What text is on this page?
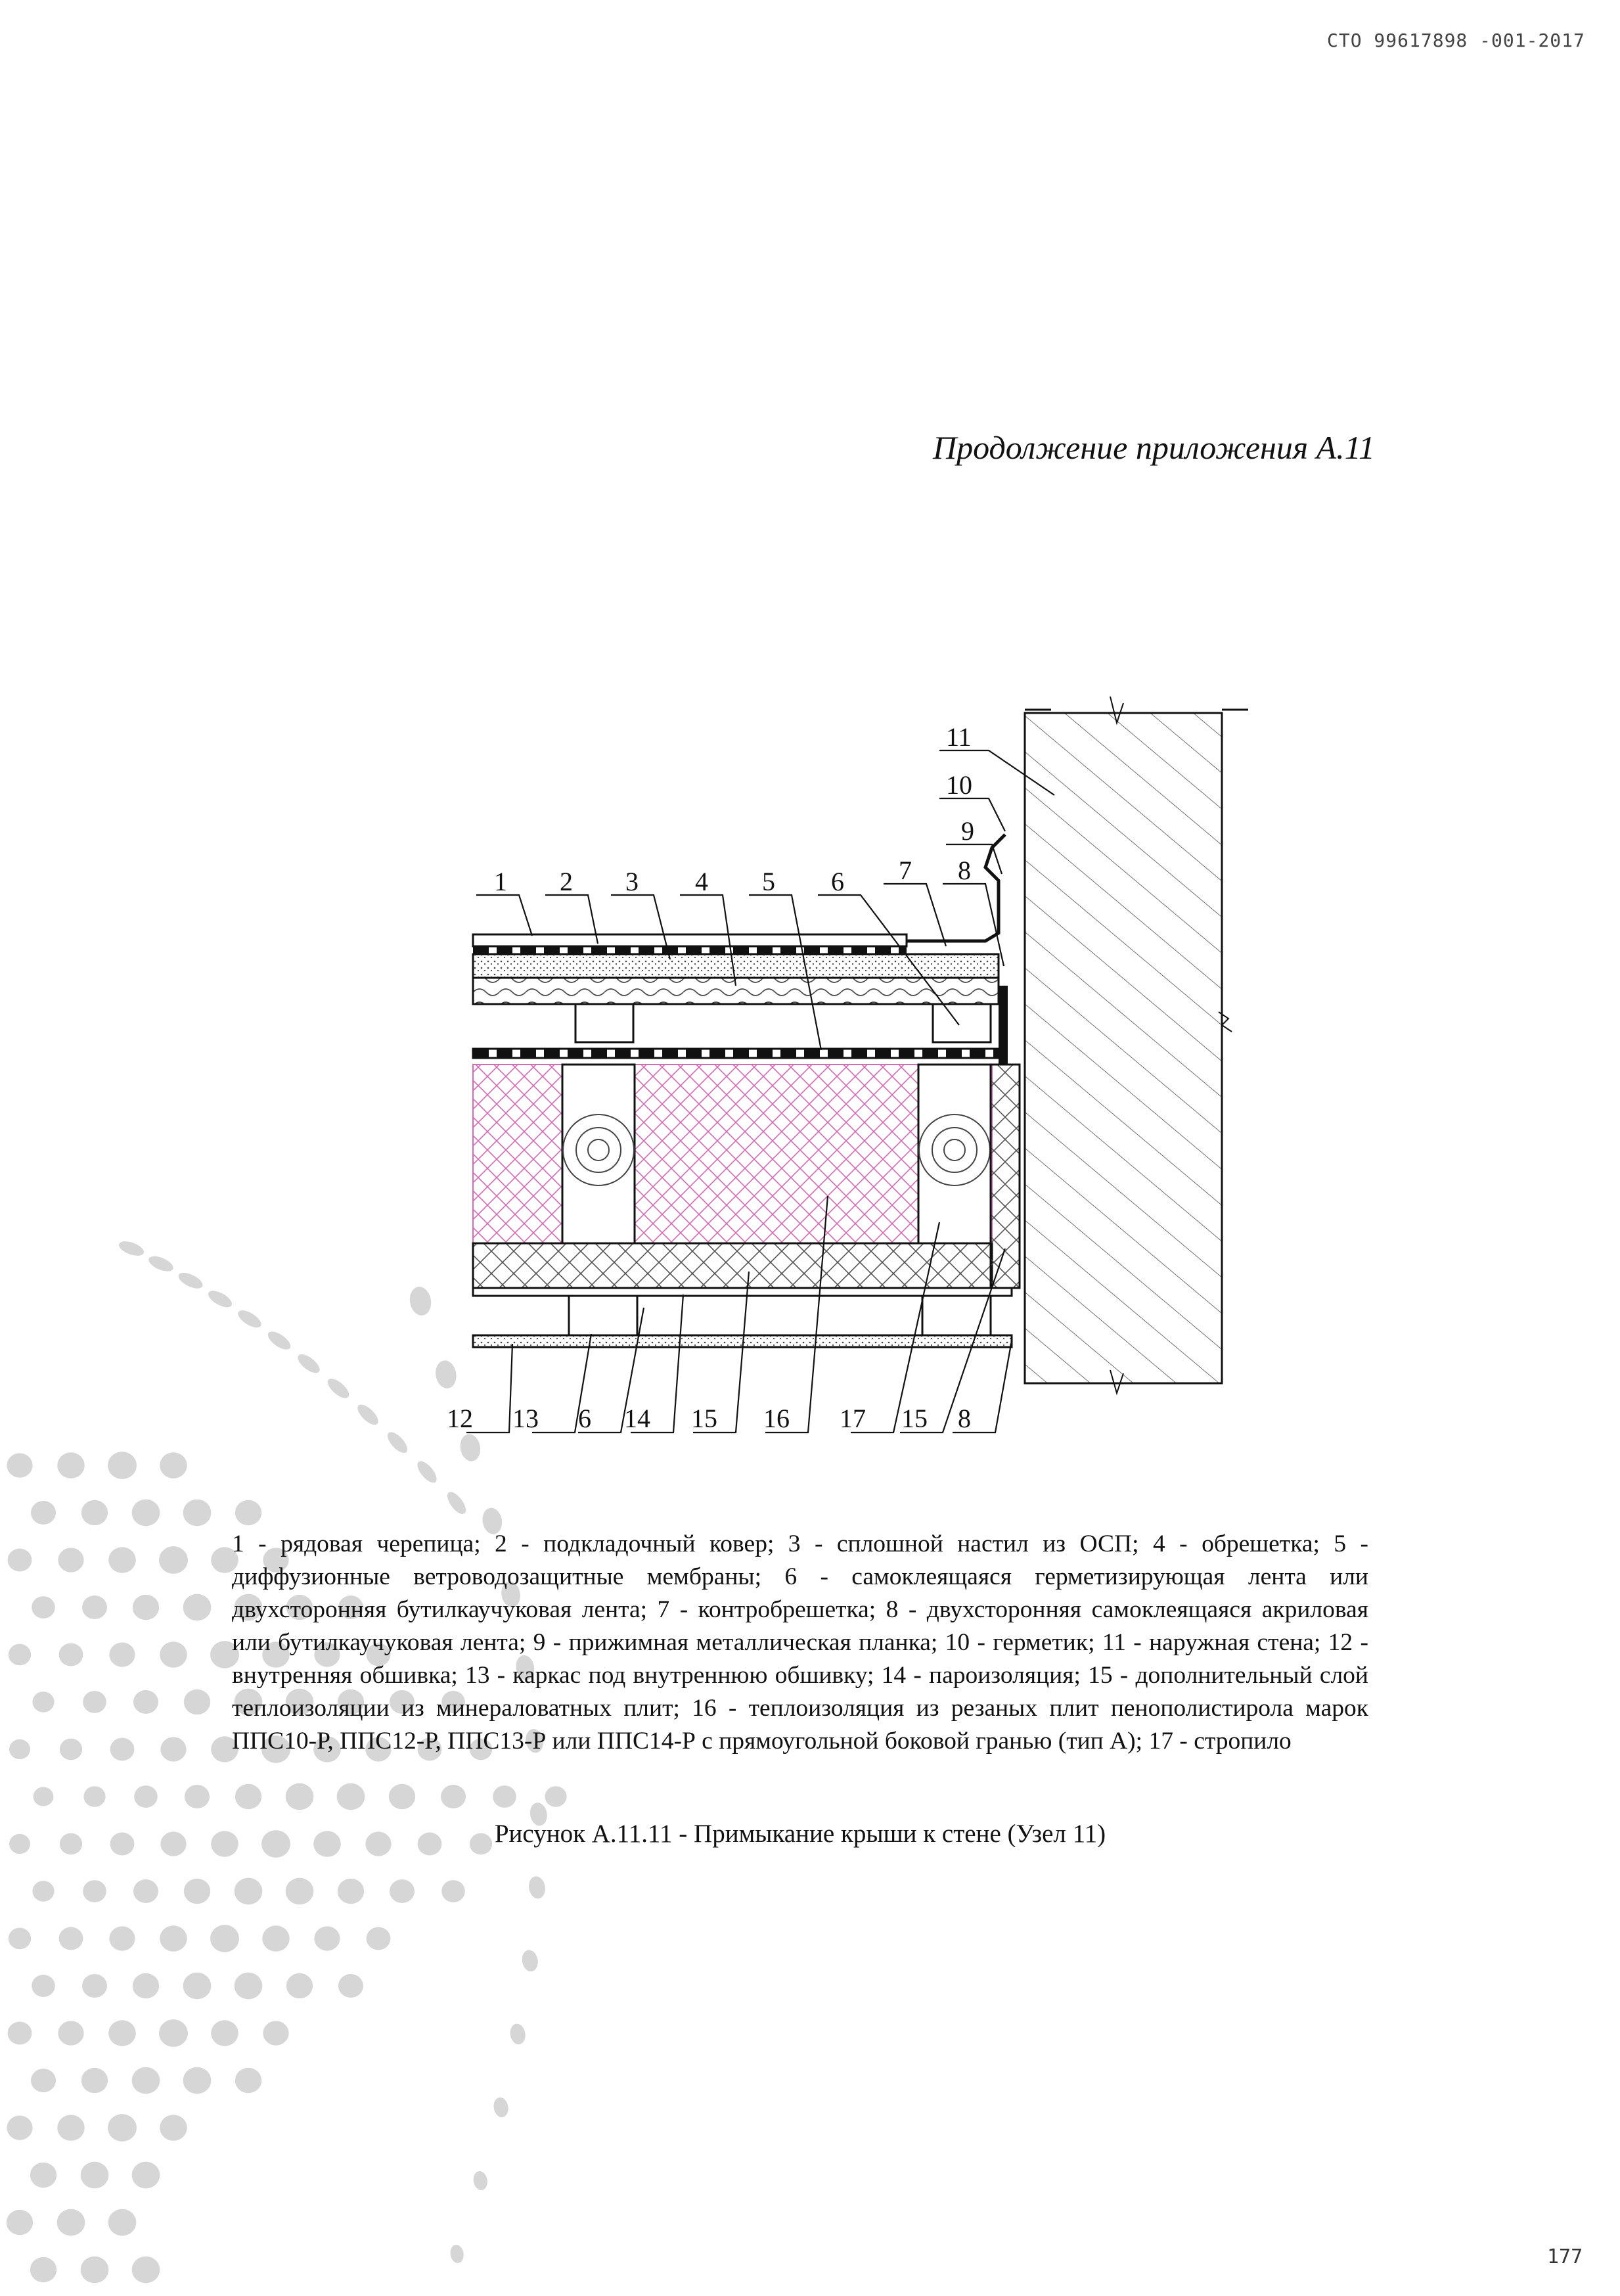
1 2 3 4 5 6 7 8
9
10
11
12 13 6 14 15 16 17 15 8
СТО 99617898 -001-2017
Продолжение приложения А.11
1 - рядовая черепица; 2 - подкладочный ковер; 3 - сплошной настил из ОСП; 4 - обрешетка; 5 - диффузионные ветроводозащитные мембраны; 6 - самоклеящаяся герметизирующая лента или двухсторонняя бутилкаучуковая лента; 7 - контробрешетка; 8 - двухсторонняя самоклеящаяся акриловая или бутилкаучуковая лента; 9 - прижимная металлическая планка; 10 - герметик; 11 - наружная стена; 12 - внутренняя обшивка; 13 - каркас под внутреннюю обшивку; 14 - пароизоляция; 15 - дополнительный слой теплоизоляции из минераловатных плит; 16 - теплоизоляция из резаных плит пенополистирола марок ППС10-Р, ППС12-Р, ППС13-Р или ППС14-Р с прямоугольной боковой гранью (тип А); 17 - стропило
Рисунок А.11.11 - Примыкание крыши к стене (Узел 11)
177
